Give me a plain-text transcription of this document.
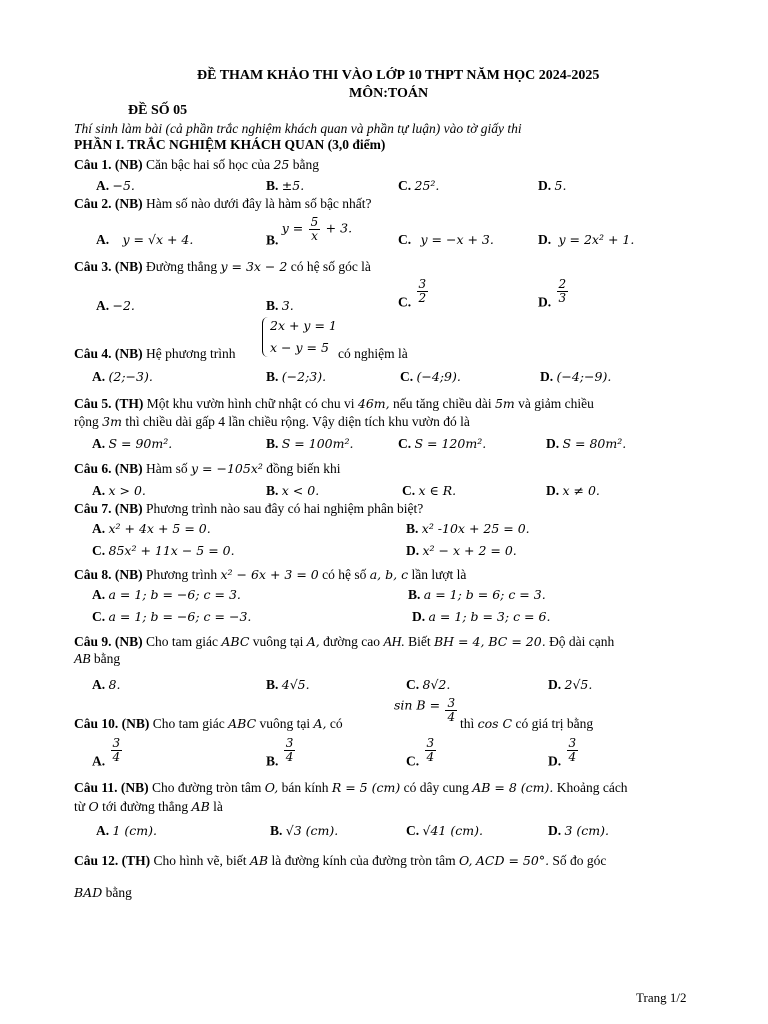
ĐỀ THAM KHẢO THI VÀO LỚP 10 THPT NĂM HỌC 2024-2025
MÔN:TOÁN
ĐỀ SỐ 05
Thí sinh làm bài (cả phần trắc nghiệm khách quan và phần tự luận) vào tờ giấy thi
PHẦN I. TRẮC NGHIỆM KHÁCH QUAN (3,0 điểm)
Câu 1. (NB) Căn bậc hai số học của 25 bằng
A. −5.	B. ±5.	C. 25².	D. 5.
Câu 2. (NB) Hàm số nào dưới đây là hàm số bậc nhất?
A. y = √x + 4.	B. $y = \frac{5}{x} + 3$.
C. y = −x + 3.	D. y = 2x² + 1.
Câu 3. (NB) Đường thẳng y = 3x − 2 có hệ số góc là
A. −2.	B. 3.	C. $\frac{3}{2}$	D. $\frac{2}{3}$
2x + y = 1
x − y = 5
Câu 4. (NB) Hệ phương trình	có nghiệm là
A. (2;−3).	B. (−2;3).	C. (−4;9).	D. (−4;−9).
Câu 5. (TH) Một khu vườn hình chữ nhật có chu vi 46m, nếu tăng chiều dài 5m và giảm chiều
rộng 3m thì chiều dài gấp 4 lần chiều rộng. Vậy diện tích khu vườn đó là
A. S = 90m².	B. S = 100m².	C. S = 120m².	D. S = 80m².
Câu 6. (NB) Hàm số y = −105x² đồng biến khi
A. x > 0.	B. x < 0.	C. x ∈ R.	D. x ≠ 0.
Câu 7. (NB) Phương trình nào sau đây có hai nghiệm phân biệt?
A. x² + 4x + 5 = 0.	B. x² -10x + 25 = 0.
C. 85x² + 11x − 5 = 0.	D. x² − x + 2 = 0.
Câu 8. (NB) Phương trình x² − 6x + 3 = 0 có hệ số a, b, c lần lượt là
A. a = 1; b = −6; c = 3.	B. a = 1; b = 6; c = 3.
C. a = 1; b = −6; c = −3.	D. a = 1; b = 3; c = 6.
Câu 9. (NB) Cho tam giác ABC vuông tại A, đường cao AH. Biết BH = 4, BC = 20. Độ dài cạnh
AB bằng
A. 8.	B. 4√5.	C. 8√2.	D. 2√5.
Câu 10. (NB) Cho tam giác ABC vuông tại A, có
$\sin B = \frac{3}{4}$ thì cos C có giá trị bằng
A. $\frac{3}{4}$	B. $\frac{3}{4}$	C. $\frac{3}{4}$	D. $\frac{3}{4}$
Câu 11. (NB) Cho đường tròn tâm O, bán kính R = 5 (cm) có dây cung AB = 8 (cm). Khoảng cách
từ O tới đường thẳng AB là
A. 1 (cm).	B. √3 (cm).	C. √41 (cm).	D. 3 (cm).
Câu 12. (TH) Cho hình vẽ, biết AB là đường kính của đường tròn tâm O, ACD = 50°. Số đo góc
BAD bằng
Trang 1/2
